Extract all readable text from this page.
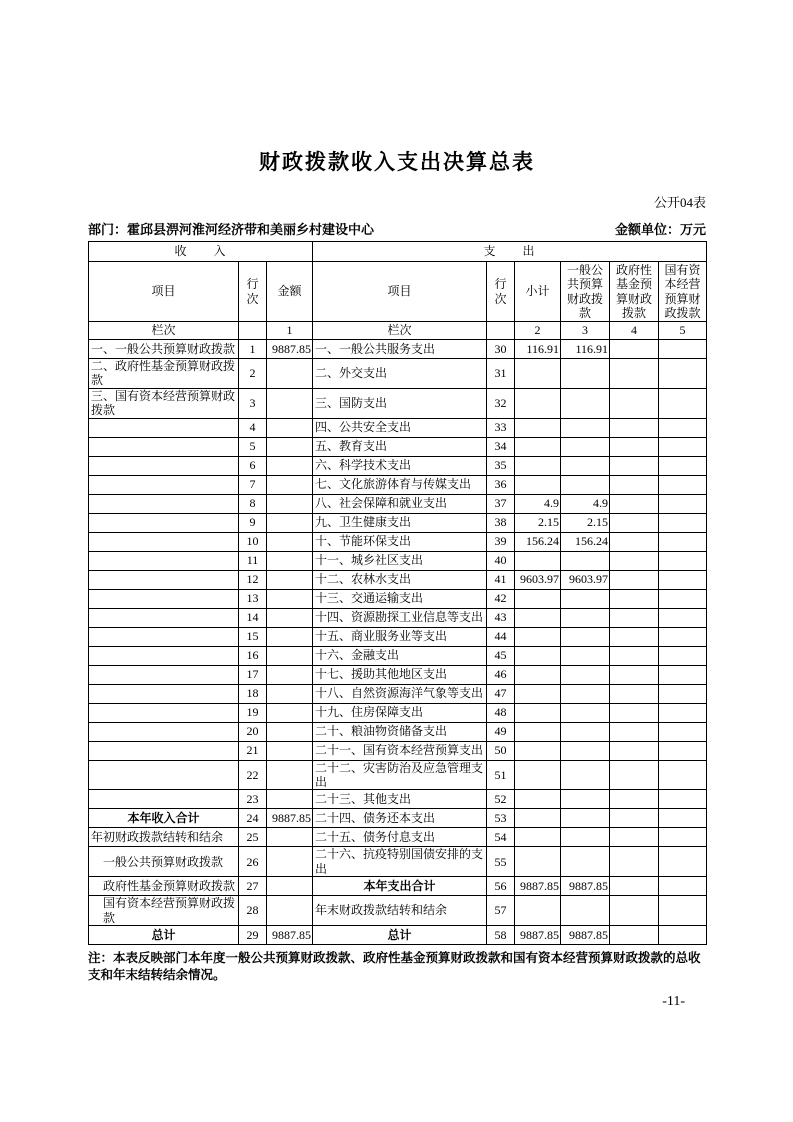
财政拨款收入支出决算总表
公开04表
部门：霍邱县淠河淮河经济带和美丽乡村建设中心	金额单位：万元
收　　入			支　　出					
项目	行次	金额	项目	行次	小计	一般公共预算财政拨款	政府性基金预算财政拨款	国有资本经营预算财政拨款
栏次		1	栏次		2	3	4	5
一、一般公共预算财政拨款	1	9887.85	一、一般公共服务支出	30	116.91	116.91		
二、政府性基金预算财政拨款	2		二、外交支出	31				
三、国有资本经营预算财政拨款	3		三、国防支出	32				
	4		四、公共安全支出	33				
	5		五、教育支出	34				
	6		六、科学技术支出	35				
	7		七、文化旅游体育与传媒支出	36				
	8		八、社会保障和就业支出	37	4.9	4.9		
	9		九、卫生健康支出	38	2.15	2.15		
	10		十、节能环保支出	39	156.24	156.24		
	11		十一、城乡社区支出	40				
	12		十二、农林水支出	41	9603.97	9603.97		
	13		十三、交通运输支出	42				
	14		十四、资源勘探工业信息等支出	43				
	15		十五、商业服务业等支出	44				
	16		十六、金融支出	45				
	17		十七、援助其他地区支出	46				
	18		十八、自然资源海洋气象等支出	47				
	19		十九、住房保障支出	48				
	20		二十、粮油物资储备支出	49				
	21		二十一、国有资本经营预算支出	50				
	22		二十二、灾害防治及应急管理支出	51				
	23		二十三、其他支出	52				
本年收入合计	24	9887.85	二十四、债务还本支出	53				
年初财政拨款结转和结余	25		二十五、债务付息支出	54				
一般公共预算财政拨款	26		二十六、抗疫特别国债安排的支出	55				
政府性基金预算财政拨款	27		本年支出合计	56	9887.85	9887.85		
国有资本经营预算财政拨款	28		年末财政拨款结转和结余	57				
总计	29	9887.85	总计	58	9887.85	9887.85		
注：本表反映部门本年度一般公共预算财政拨款、政府性基金预算财政拨款和国有资本经营预算财政拨款的总收支和年末结转结余情况。
-11-
